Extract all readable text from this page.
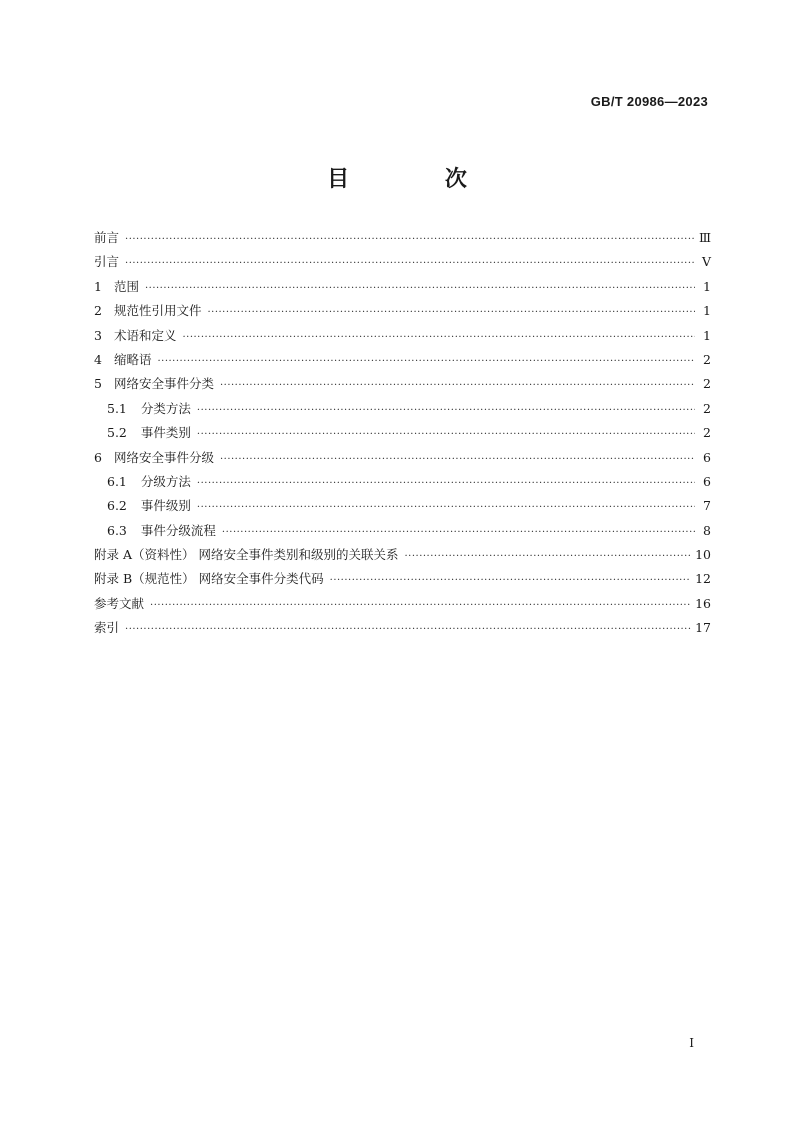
GB/T 20986—2023
目 次
前言 ·····	Ⅲ
引言 ·····	Ⅴ
1 范围 ·····	1
2 规范性引用文件 ·····	1
3 术语和定义 ·····	1
4 缩略语 ·····	2
5 网络安全事件分类 ·····	2
5.1 分类方法 ·····	2
5.2 事件类别 ·····	2
6 网络安全事件分级 ·····	6
6.1 分级方法 ·····	6
6.2 事件级别 ·····	7
6.3 事件分级流程 ·····	8
附录 A（资料性） 网络安全事件类别和级别的关联关系 ·····	10
附录 B（规范性） 网络安全事件分类代码 ·····	12
参考文献 ·····	16
索引 ·····	17
Ⅰ
